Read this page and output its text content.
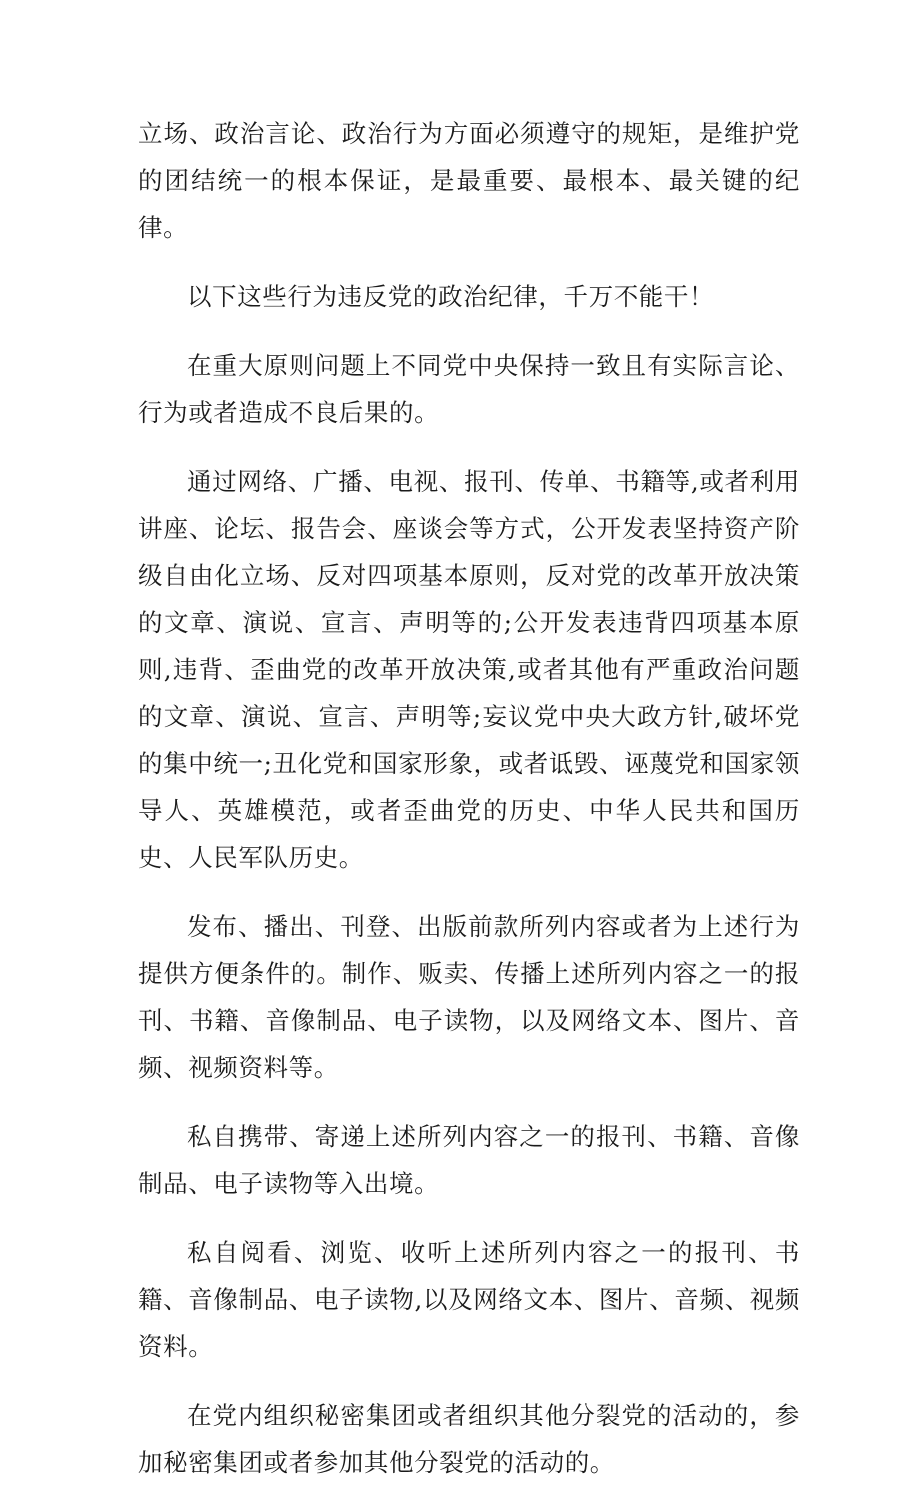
立场、政治言论、政治行为方面必须遵守的规矩，是维护党的团结统一的根本保证，是最重要、最根本、最关键的纪律。

以下这些行为违反党的政治纪律，千万不能干！

在重大原则问题上不同党中央保持一致且有实际言论、行为或者造成不良后果的。

通过网络、广播、电视、报刊、传单、书籍等,或者利用讲座、论坛、报告会、座谈会等方式，公开发表坚持资产阶级自由化立场、反对四项基本原则，反对党的改革开放决策的文章、演说、宣言、声明等的;公开发表违背四项基本原则,违背、歪曲党的改革开放决策,或者其他有严重政治问题的文章、演说、宣言、声明等;妄议党中央大政方针,破坏党的集中统一;丑化党和国家形象，或者诋毁、诬蔑党和国家领导人、英雄模范，或者歪曲党的历史、中华人民共和国历史、人民军队历史。

发布、播出、刊登、出版前款所列内容或者为上述行为提供方便条件的。制作、贩卖、传播上述所列内容之一的报刊、书籍、音像制品、电子读物，以及网络文本、图片、音频、视频资料等。

私自携带、寄递上述所列内容之一的报刊、书籍、音像制品、电子读物等入出境。

私自阅看、浏览、收听上述所列内容之一的报刊、书籍、音像制品、电子读物,以及网络文本、图片、音频、视频资料。

在党内组织秘密集团或者组织其他分裂党的活动的，参加秘密集团或者参加其他分裂党的活动的。
